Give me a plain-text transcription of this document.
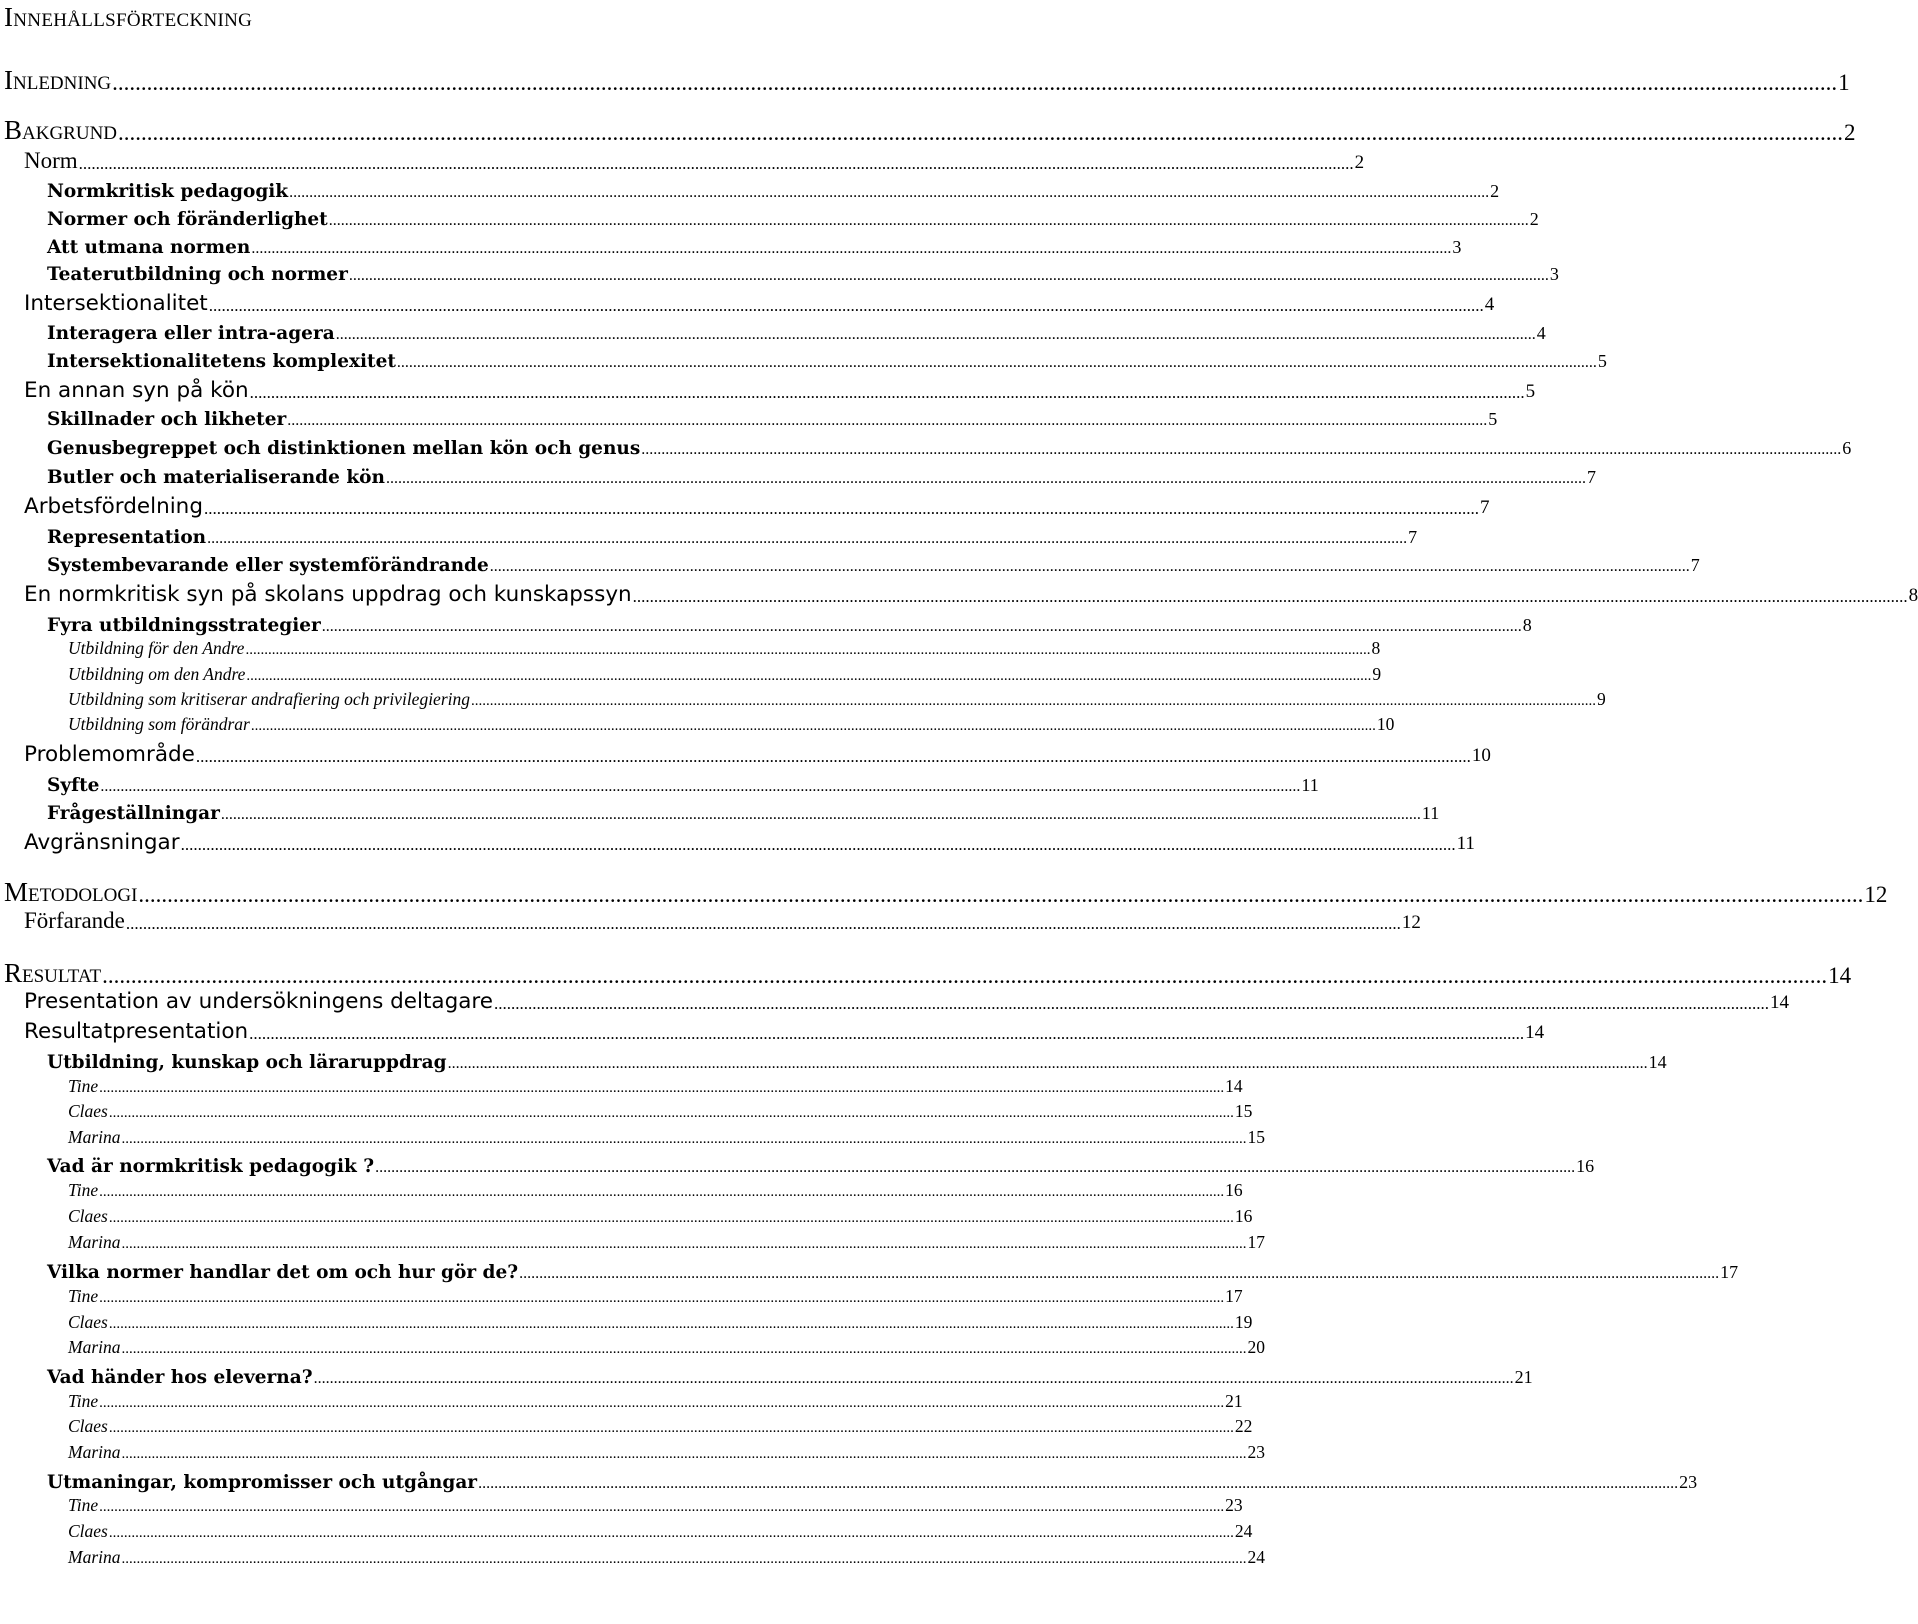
Innehållsförteckning
Inledning ............................................................................................................................................................................................................................................................................................................ 1
Bakgrund ............................................................................................................................................................................................................................................................................................................ 2
Norm ............................................................................................................................................................................................................................................................................................................ 2
Normkritisk pedagogik ............................................................................................................................................................................................................................................................................................................ 2
Normer och föränderlighet ............................................................................................................................................................................................................................................................................................................ 2
Att utmana normen ............................................................................................................................................................................................................................................................................................................ 3
Teaterutbildning och normer ............................................................................................................................................................................................................................................................................................................ 3
Intersektionalitet ............................................................................................................................................................................................................................................................................................................ 4
Interagera eller intra-agera ............................................................................................................................................................................................................................................................................................................ 4
Intersektionalitetens komplexitet ............................................................................................................................................................................................................................................................................................................ 5
En annan syn på kön ............................................................................................................................................................................................................................................................................................................ 5
Skillnader och likheter ............................................................................................................................................................................................................................................................................................................ 5
Genusbegreppet och distinktionen mellan kön och genus ............................................................................................................................................................................................................................................................................................................ 6
Butler och materialiserande kön ............................................................................................................................................................................................................................................................................................................ 7
Arbetsfördelning ............................................................................................................................................................................................................................................................................................................ 7
Representation ............................................................................................................................................................................................................................................................................................................ 7
Systembevarande eller systemförändrande ............................................................................................................................................................................................................................................................................................................ 7
En normkritisk syn på skolans uppdrag och kunskapssyn ............................................................................................................................................................................................................................................................................................................ 8
Fyra utbildningsstrategier ............................................................................................................................................................................................................................................................................................................ 8
Utbildning för den Andre ............................................................................................................................................................................................................................................................................................................ 8
Utbildning om den Andre ............................................................................................................................................................................................................................................................................................................ 9
Utbildning som kritiserar andrafiering och privilegiering ............................................................................................................................................................................................................................................................................................................ 9
Utbildning som förändrar ............................................................................................................................................................................................................................................................................................................ 10
Problemområde ............................................................................................................................................................................................................................................................................................................ 10
Syfte ............................................................................................................................................................................................................................................................................................................ 11
Frågeställningar ............................................................................................................................................................................................................................................................................................................ 11
Avgränsningar ............................................................................................................................................................................................................................................................................................................ 11
Metodologi ............................................................................................................................................................................................................................................................................................................ 12
Förfarande ............................................................................................................................................................................................................................................................................................................ 12
Resultat ............................................................................................................................................................................................................................................................................................................ 14
Presentation av undersökningens deltagare ............................................................................................................................................................................................................................................................................................................ 14
Resultatpresentation ............................................................................................................................................................................................................................................................................................................ 14
Utbildning, kunskap och läraruppdrag ............................................................................................................................................................................................................................................................................................................ 14
Tine ............................................................................................................................................................................................................................................................................................................ 14
Claes ............................................................................................................................................................................................................................................................................................................ 15
Marina ............................................................................................................................................................................................................................................................................................................ 15
Vad är normkritisk pedagogik ? ............................................................................................................................................................................................................................................................................................................ 16
Tine ............................................................................................................................................................................................................................................................................................................ 16
Claes ............................................................................................................................................................................................................................................................................................................ 16
Marina ............................................................................................................................................................................................................................................................................................................ 17
Vilka normer handlar det om och hur gör de? ............................................................................................................................................................................................................................................................................................................ 17
Tine ............................................................................................................................................................................................................................................................................................................ 17
Claes ............................................................................................................................................................................................................................................................................................................ 19
Marina ............................................................................................................................................................................................................................................................................................................ 20
Vad händer hos eleverna? ............................................................................................................................................................................................................................................................................................................ 21
Tine ............................................................................................................................................................................................................................................................................................................ 21
Claes ............................................................................................................................................................................................................................................................................................................ 22
Marina ............................................................................................................................................................................................................................................................................................................ 23
Utmaningar, kompromisser och utgångar ............................................................................................................................................................................................................................................................................................................ 23
Tine ............................................................................................................................................................................................................................................................................................................ 23
Claes ............................................................................................................................................................................................................................................................................................................ 24
Marina ............................................................................................................................................................................................................................................................................................................ 24
